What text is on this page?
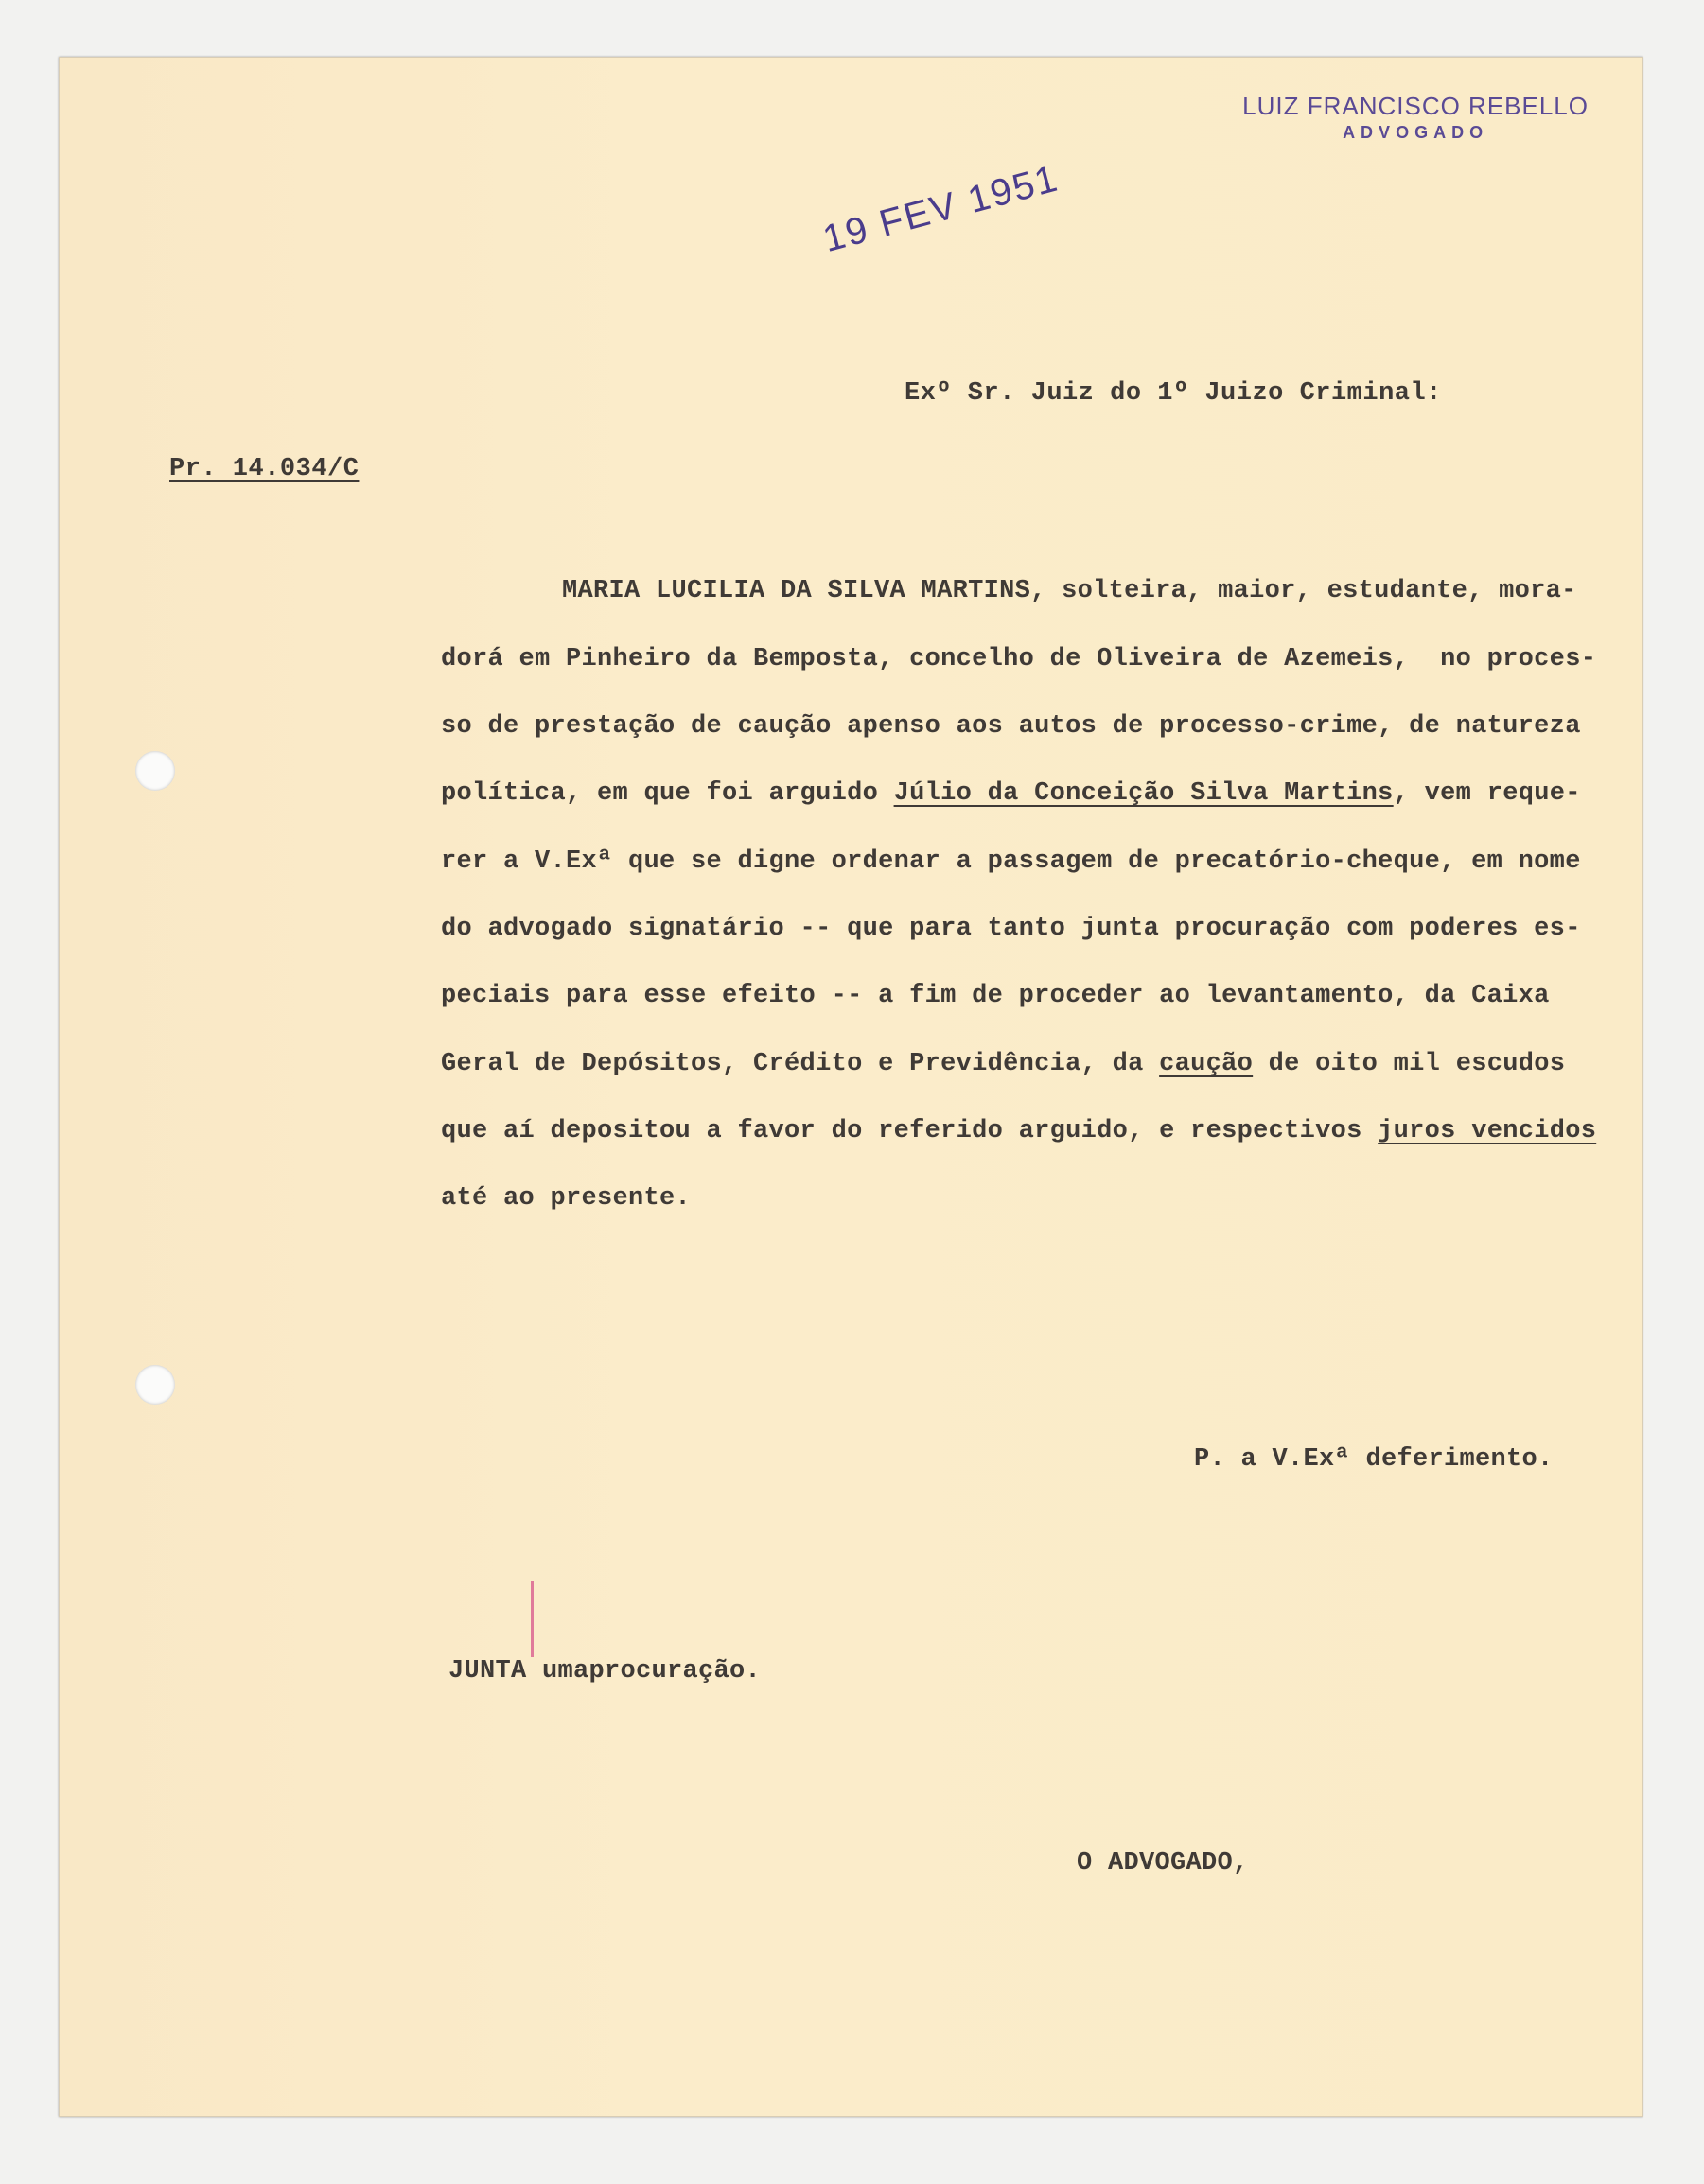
LUIZ FRANCISCO REBELLO
ADVOGADO
19 FEV 1951
Exº Sr. Juiz do 1º Juizo Criminal:
Pr. 14.034/C
MARIA LUCILIA DA SILVA MARTINS, solteira, maior, estudante, mora-
dorá em Pinheiro da Bemposta, concelho de Oliveira de Azemeis,  no proces-
so de prestação de caução apenso aos autos de processo-crime, de natureza
política, em que foi arguido Júlio da Conceição Silva Martins, vem reque-
rer a V.Exª que se digne ordenar a passagem de precatório-cheque, em nome
do advogado signatário -- que para tanto junta procuração com poderes es-
peciais para esse efeito -- a fim de proceder ao levantamento, da Caixa
Geral de Depósitos, Crédito e Previdência, da caução de oito mil escudos
que aí depositou a favor do referido arguido, e respectivos juros vencidos
até ao presente.
P. a V.Exª deferimento.
JUNTA umaprocuração.
O ADVOGADO,
